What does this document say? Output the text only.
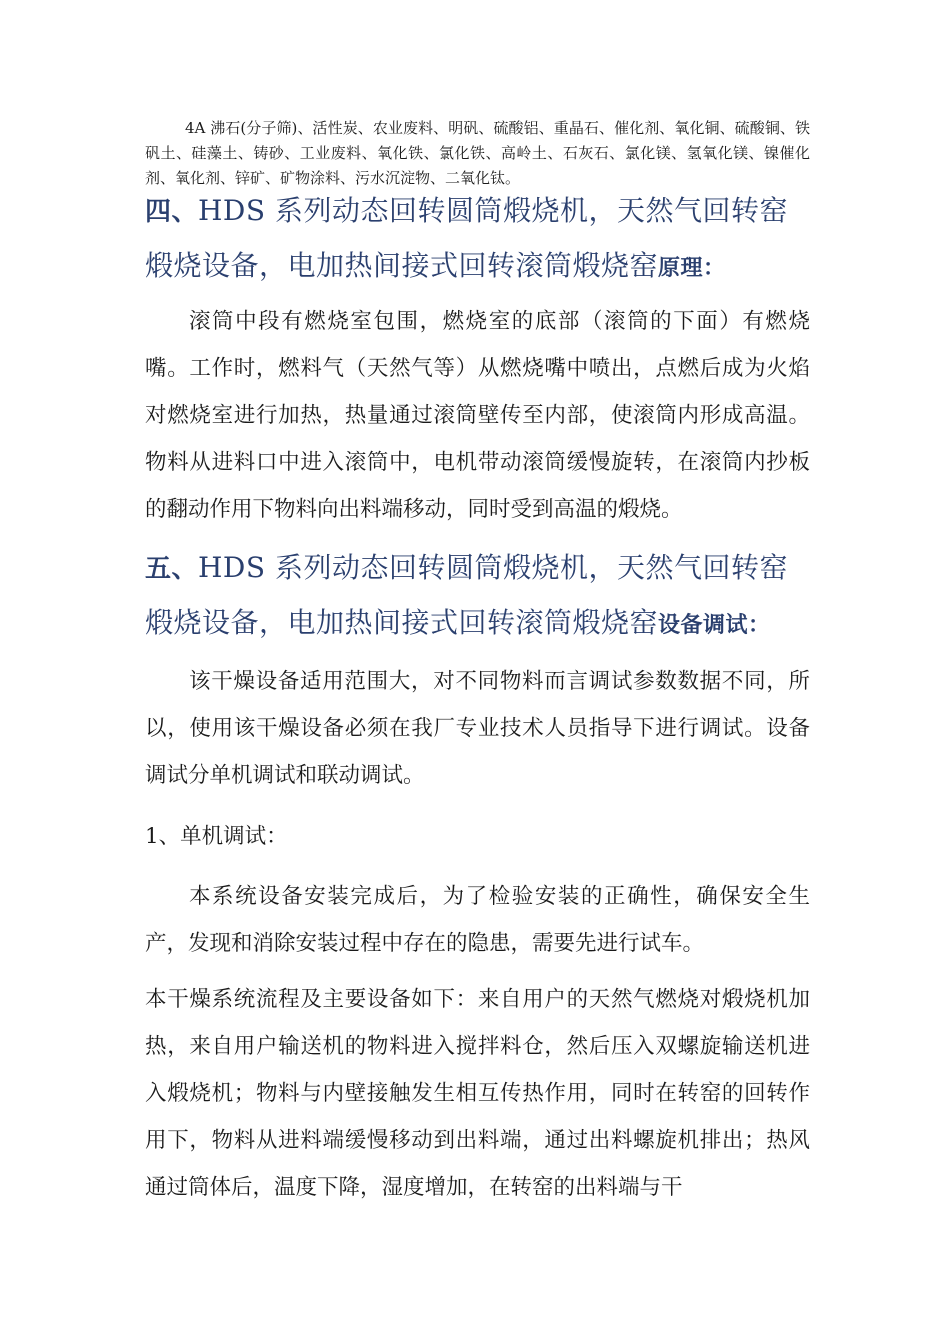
4A 沸石(分子筛)、活性炭、农业废料、明矾、硫酸铝、重晶石、催化剂、氧化铜、硫酸铜、铁矾土、硅藻土、铸砂、工业废料、氧化铁、氯化铁、高岭土、石灰石、氯化镁、氢氧化镁、镍催化剂、氧化剂、锌矿、矿物涂料、污水沉淀物、二氧化钛。

四、HDS 系列动态回转圆筒煅烧机，天然气回转窑煅烧设备，电加热间接式回转滚筒煅烧窑原理：

滚筒中段有燃烧室包围，燃烧室的底部（滚筒的下面）有燃烧嘴。工作时，燃料气（天然气等）从燃烧嘴中喷出，点燃后成为火焰对燃烧室进行加热，热量通过滚筒壁传至内部，使滚筒内形成高温。物料从进料口中进入滚筒中，电机带动滚筒缓慢旋转，在滚筒内抄板的翻动作用下物料向出料端移动，同时受到高温的煅烧。

五、HDS 系列动态回转圆筒煅烧机，天然气回转窑煅烧设备，电加热间接式回转滚筒煅烧窑设备调试：

该干燥设备适用范围大，对不同物料而言调试参数数据不同，所以，使用该干燥设备必须在我厂专业技术人员指导下进行调试。设备调试分单机调试和联动调试。

1、单机调试：

本系统设备安装完成后，为了检验安装的正确性，确保安全生产，发现和消除安装过程中存在的隐患，需要先进行试车。

本干燥系统流程及主要设备如下：来自用户的天然气燃烧对煅烧机加热，来自用户输送机的物料进入搅拌料仓，然后压入双螺旋输送机进入煅烧机；物料与内壁接触发生相互传热作用，同时在转窑的回转作用下，物料从进料端缓慢移动到出料端，通过出料螺旋机排出；热风通过筒体后，温度下降，湿度增加，在转窑的出料端与干
